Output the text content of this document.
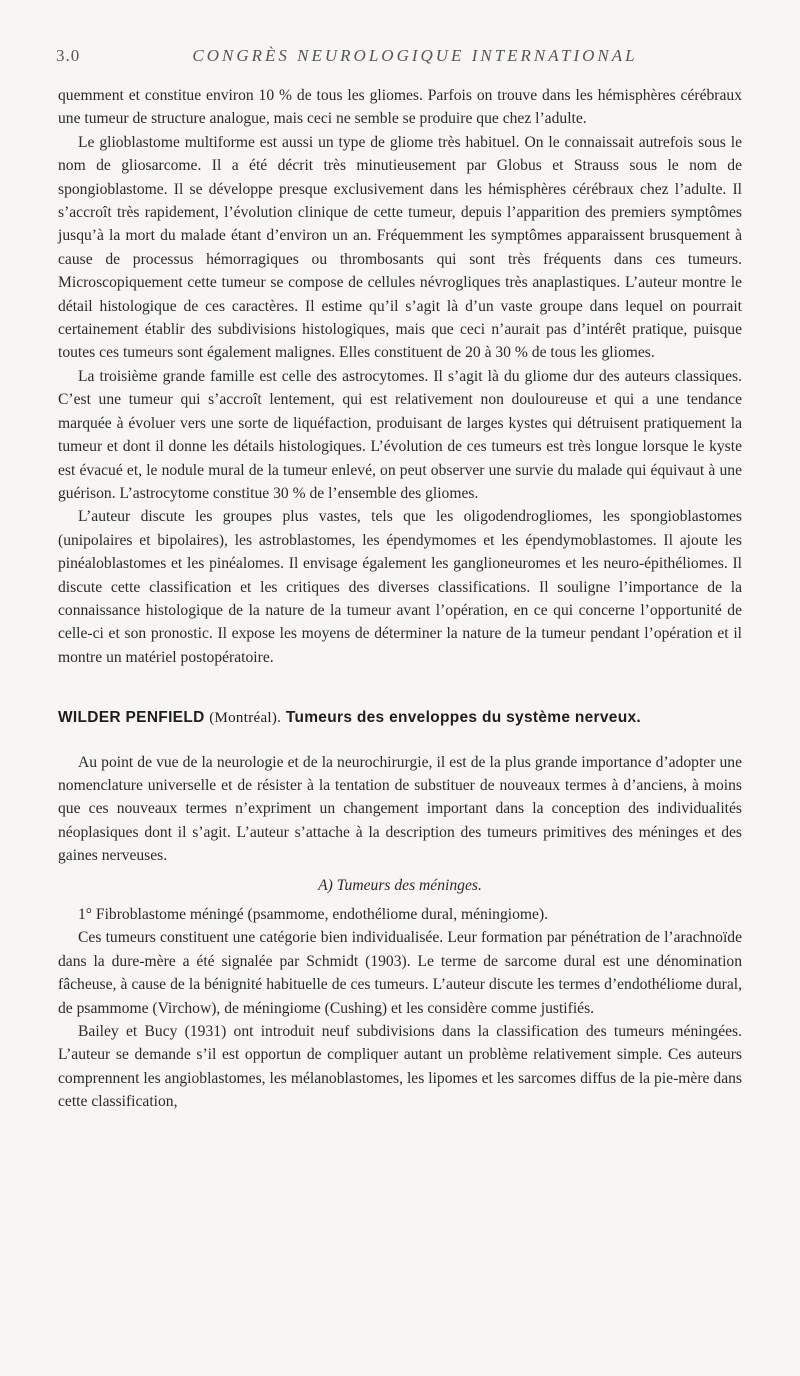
3.0	CONGRÈS NEUROLOGIQUE INTERNATIONAL

quemment et constitue environ 10 % de tous les gliomes. Parfois on trouve dans les hémisphères cérébraux une tumeur de structure analogue, mais ceci ne semble se produire que chez l’adulte.

Le glioblastome multiforme est aussi un type de gliome très habituel. On le connaissait autrefois sous le nom de gliosarcome. Il a été décrit très minutieusement par Globus et Strauss sous le nom de spongioblastome. Il se développe presque exclusivement dans les hémisphères cérébraux chez l’adulte. Il s’accroît très rapidement, l’évolution clinique de cette tumeur, depuis l’apparition des premiers symptômes jusqu’à la mort du malade étant d’environ un an. Fréquemment les symptômes apparaissent brusquement à cause de processus hémorragiques ou thrombosants qui sont très fréquents dans ces tumeurs. Microscopiquement cette tumeur se compose de cellules névrogliques très anaplastiques. L’auteur montre le détail histologique de ces caractères. Il estime qu’il s’agit là d’un vaste groupe dans lequel on pourrait certainement établir des subdivisions histologiques, mais que ceci n’aurait pas d’intérêt pratique, puisque toutes ces tumeurs sont également malignes. Elles constituent de 20 à 30 % de tous les gliomes.

La troisième grande famille est celle des astrocytomes. Il s’agit là du gliome dur des auteurs classiques. C’est une tumeur qui s’accroît lentement, qui est relativement non douloureuse et qui a une tendance marquée à évoluer vers une sorte de liquéfaction, produisant de larges kystes qui détruisent pratiquement la tumeur et dont il donne les détails histologiques. L’évolution de ces tumeurs est très longue lorsque le kyste est évacué et, le nodule mural de la tumeur enlevé, on peut observer une survie du malade qui équivaut à une guérison. L’astrocytome constitue 30 % de l’ensemble des gliomes.

L’auteur discute les groupes plus vastes, tels que les oligodendrogliomes, les spongioblastomes (unipolaires et bipolaires), les astroblastomes, les épendymomes et les épendymoblastomes. Il ajoute les pinéaloblastomes et les pinéalomes. Il envisage également les ganglioneuromes et les neuro-épithéliomes. Il discute cette classification et les critiques des diverses classifications. Il souligne l’importance de la connaissance histologique de la nature de la tumeur avant l’opération, en ce qui concerne l’opportunité de celle-ci et son pronostic. Il expose les moyens de déterminer la nature de la tumeur pendant l’opération et il montre un matériel postopératoire.

WILDER PENFIELD (Montréal). Tumeurs des enveloppes du système nerveux.

Au point de vue de la neurologie et de la neurochirurgie, il est de la plus grande importance d’adopter une nomenclature universelle et de résister à la tentation de substituer de nouveaux termes à d’anciens, à moins que ces nouveaux termes n’expriment un changement important dans la conception des individualités néoplasiques dont il s’agit. L’auteur s’attache à la description des tumeurs primitives des méninges et des gaines nerveuses.

A) Tumeurs des méninges.

1° Fibroblastome méningé (psammome, endothéliome dural, méningiome).

Ces tumeurs constituent une catégorie bien individualisée. Leur formation par pénétration de l’arachnoïde dans la dure-mère a été signalée par Schmidt (1903). Le terme de sarcome dural est une dénomination fâcheuse, à cause de la bénignité habituelle de ces tumeurs. L’auteur discute les termes d’endothéliome dural, de psammome (Virchow), de méningiome (Cushing) et les considère comme justifiés.

Bailey et Bucy (1931) ont introduit neuf subdivisions dans la classification des tumeurs méningées. L’auteur se demande s’il est opportun de compliquer autant un problème relativement simple. Ces auteurs comprennent les angioblastomes, les mélanoblastomes, les lipomes et les sarcomes diffus de la pie-mère dans cette classification,
